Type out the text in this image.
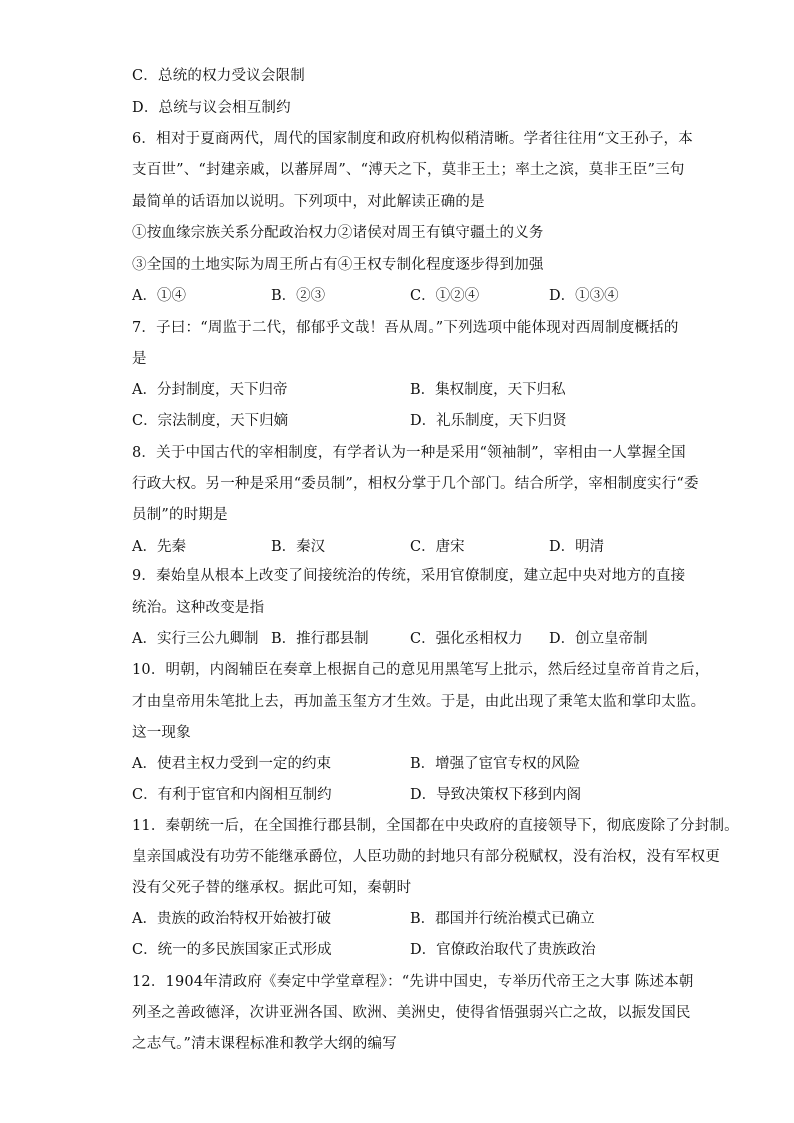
C．总统的权力受议会限制
D．总统与议会相互制约
6．相对于夏商两代，周代的国家制度和政府机构似稍清晰。学者往往用“文王孙子，本
支百世”、“封建亲戚，以蕃屏周”、“溥天之下，莫非王土；率土之滨，莫非王臣”三句
最简单的话语加以说明。下列项中，对此解读正确的是
①按血缘宗族关系分配政治权力②诸侯对周王有镇守疆土的义务
③全国的土地实际为周王所占有④王权专制化程度逐步得到加强
A．①④	B．②③	C．①②④	D．①③④
7．子曰：“周监于二代，郁郁乎文哉！吾从周。”下列选项中能体现对西周制度概括的
是
A．分封制度，天下归帝	B．集权制度，天下归私
C．宗法制度，天下归嫡	D．礼乐制度，天下归贤
8．关于中国古代的宰相制度，有学者认为一种是采用“领袖制”，宰相由一人掌握全国
行政大权。另一种是采用“委员制”，相权分掌于几个部门。结合所学，宰相制度实行“委
员制”的时期是
A．先秦	B．秦汉	C．唐宋	D．明清
9．秦始皇从根本上改变了间接统治的传统，采用官僚制度，建立起中央对地方的直接
统治。这种改变是指
A．实行三公九卿制 B．推行郡县制	C．强化丞相权力 D．创立皇帝制
10．明朝，内阁辅臣在奏章上根据自己的意见用黑笔写上批示，然后经过皇帝首肯之后，
才由皇帝用朱笔批上去，再加盖玉玺方才生效。于是，由此出现了秉笔太监和掌印太监。
这一现象
A．使君主权力受到一定的约束	B．增强了宦官专权的风险
C．有利于宦官和内阁相互制约	D．导致决策权下移到内阁
11．秦朝统一后，在全国推行郡县制，全国都在中央政府的直接领导下，彻底废除了分封制。
皇亲国戚没有功劳不能继承爵位，人臣功勋的封地只有部分税赋权，没有治权，没有军权更
没有父死子替的继承权。据此可知，秦朝时
A．贵族的政治特权开始被打破	B．郡国并行统治模式已确立
C．统一的多民族国家正式形成	D．官僚政治取代了贵族政治
12．1904年清政府《奏定中学堂章程》：“先讲中国史，专举历代帝王之大事 陈述本朝
列圣之善政德泽，次讲亚洲各国、欧洲、美洲史，使得省悟强弱兴亡之故，以振发国民
之志气。”清末课程标准和教学大纲的编写
